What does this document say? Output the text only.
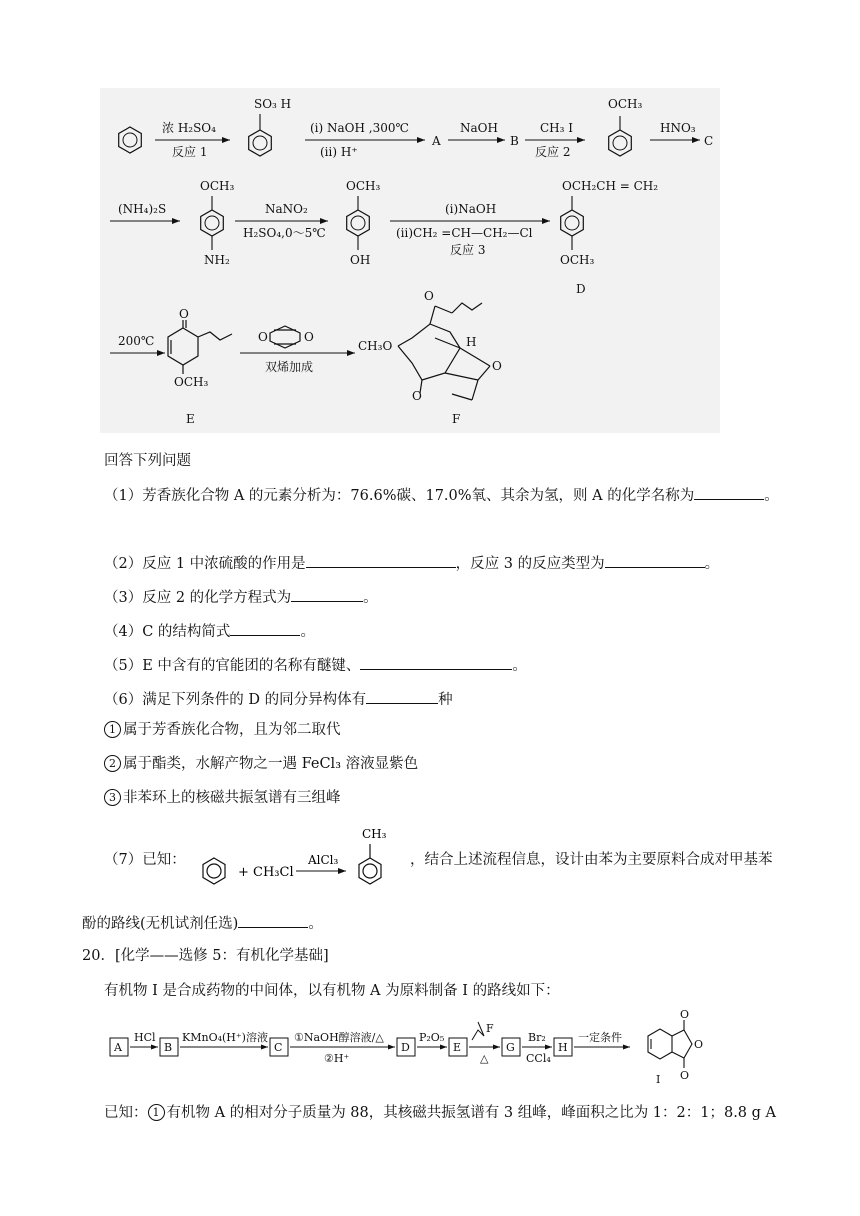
浓 H₂SO₄
反应 1
SO₃ H
(ⅰ) NaOH ,300℃
(ⅱ) H⁺
A
NaOH
B
CH₃ I
反应 2
OCH₃
HNO₃
C
(NH₄)₂S
OCH₃
NH₂
NaNO₂
H₂SO₄,0～5℃
OCH₃
OH
(ⅰ)NaOH
(ⅱ)CH₂ =CH—CH₂—Cl
反应 3
OCH₂CH = CH₂
OCH₃
D
200℃
O
OCH₃
E
O	O
双烯加成
CH₃O
O
H
O
O
F
回答下列问题
（1）芳香族化合物 A 的元素分析为：76.6%碳、17.0%氧、其余为氢，则 A 的化学名称为	。
（2）反应 1 中浓硫酸的作用是	，反应 3 的反应类型为	。
（3）反应 2 的化学方程式为	。
（4）C 的结构简式	。
（5）E 中含有的官能团的名称有醚键、	。
（6）满足下列条件的 D 的同分异构体有	种
1 属于芳香族化合物，且为邻二取代
2 属于酯类，水解产物之一遇 FeCl₃ 溶液显紫色
3 非苯环上的核磁共振氢谱有三组峰
（7）已知：
+ CH₃Cl
AlCl₃
CH₃
，结合上述流程信息，设计由苯为主要原料合成对甲基苯
酚的路线(无机试剂任选)	。
20．[化学——选修 5：有机化学基础]
有机物 I 是合成药物的中间体，以有机物 A 为原料制备 I 的路线如下：
A
HCl
B
KMnO₄(H⁺)溶液
C
①NaOH醇溶液/△
②H⁺
D
P₂O₅
E
F
△
G
Br₂
CCl₄
H
一定条件
O
O
O
I
已知： 1 有机物 A 的相对分子质量为 88，其核磁共振氢谱有 3 组峰，峰面积之比为 1：2：1；8.8 g A
